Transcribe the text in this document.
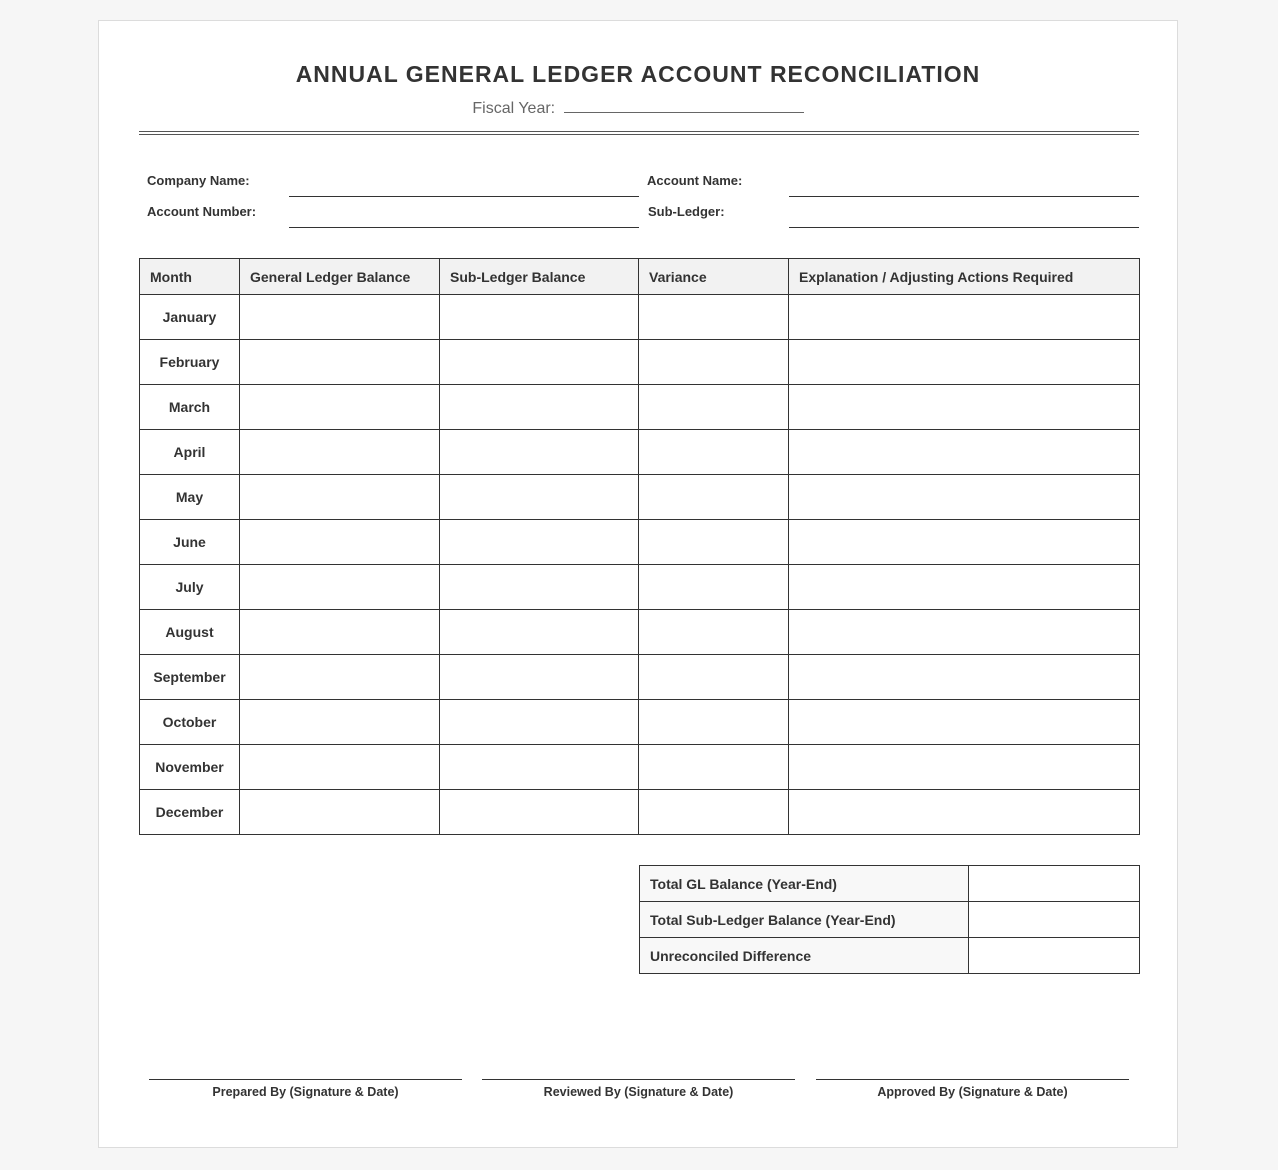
ANNUAL GENERAL LEDGER ACCOUNT RECONCILIATION
Fiscal Year:
Company Name:	Account Name:
Account Number:	Sub-Ledger:
Month	General Ledger Balance	Sub-Ledger Balance	Variance	Explanation / Adjusting Actions Required
January				
February				
March				
April				
May				
June				
July				
August				
September				
October				
November				
December				
Total GL Balance (Year-End)	
Total Sub-Ledger Balance (Year-End)	
Unreconciled Difference	
Prepared By (Signature & Date)	Reviewed By (Signature & Date)	Approved By (Signature & Date)
